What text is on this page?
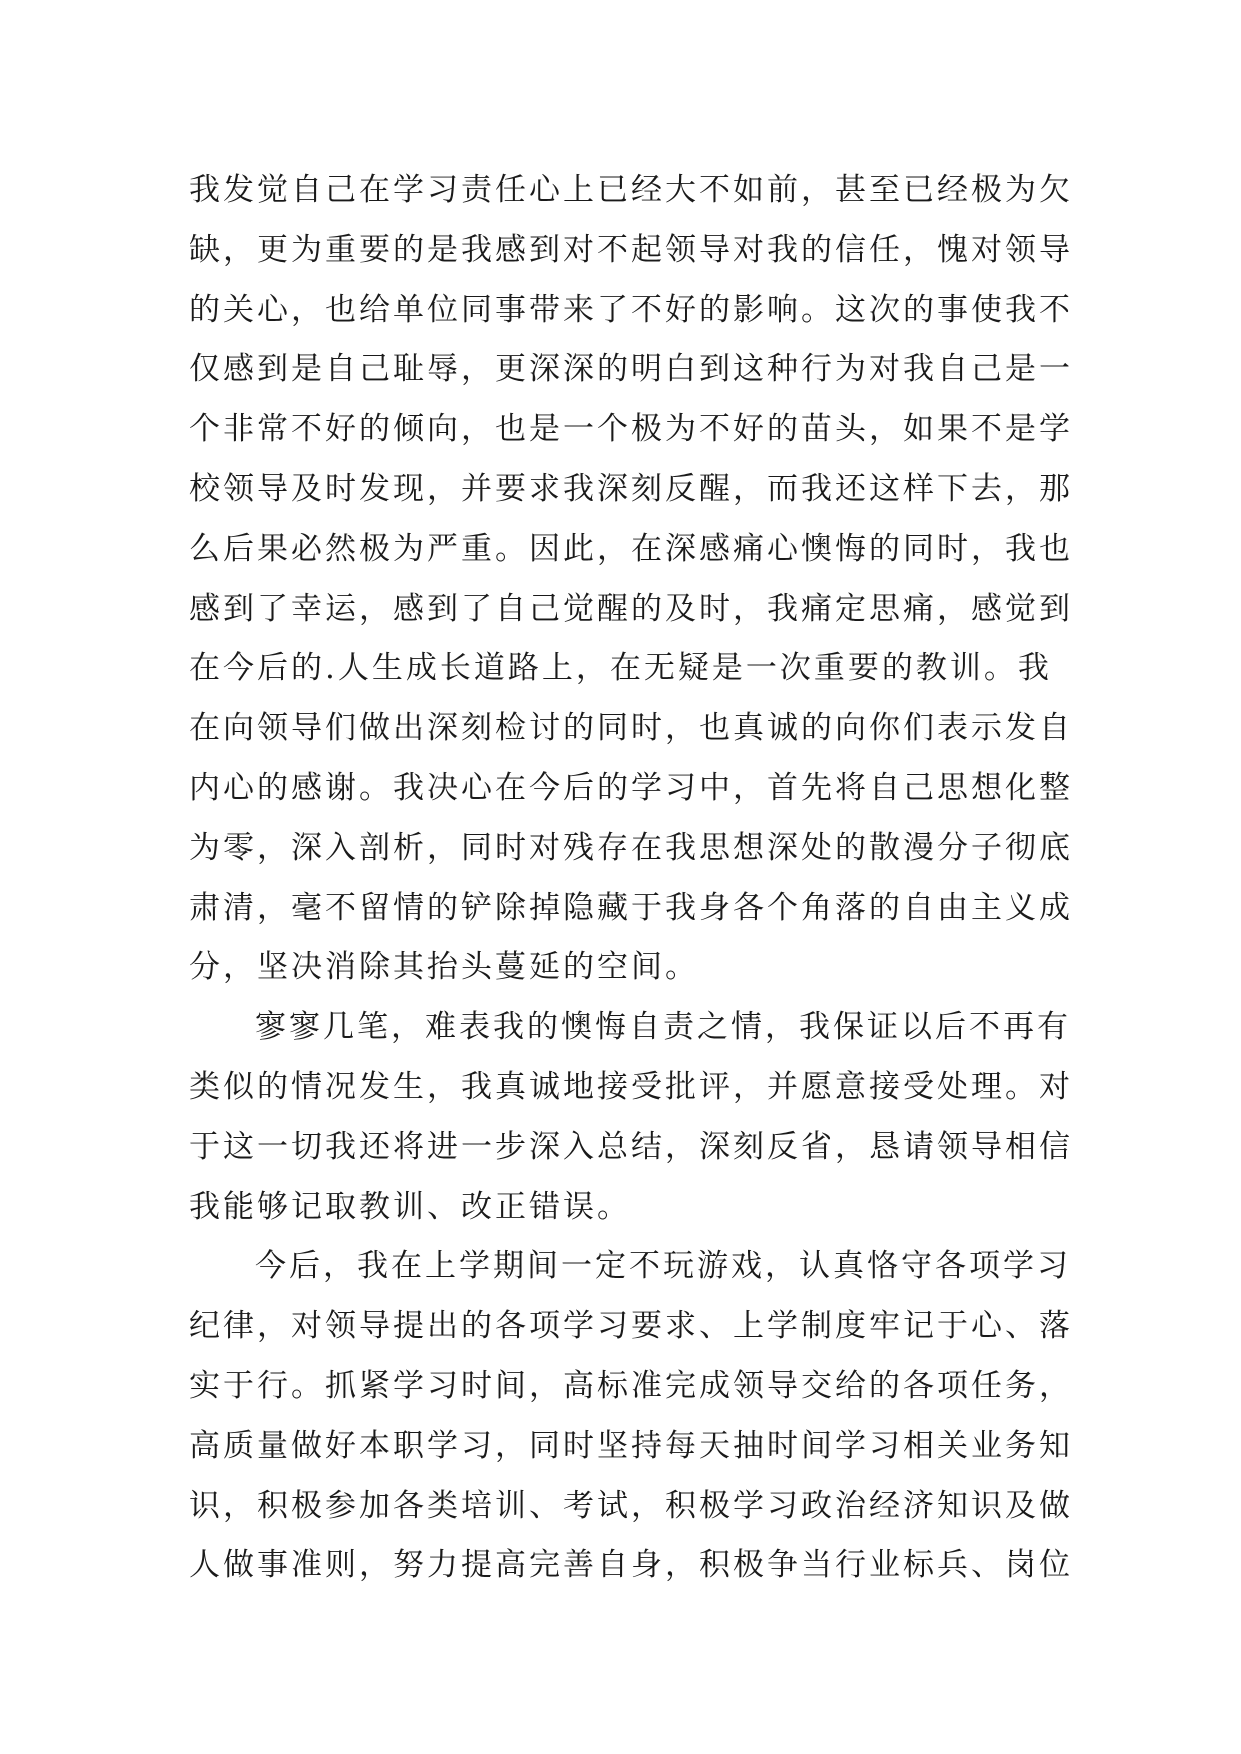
我发觉自己在学习责任心上已经大不如前，甚至已经极为欠
缺，更为重要的是我感到对不起领导对我的信任，愧对领导
的关心，也给单位同事带来了不好的影响。这次的事使我不
仅感到是自己耻辱，更深深的明白到这种行为对我自己是一
个非常不好的倾向，也是一个极为不好的苗头，如果不是学
校领导及时发现，并要求我深刻反醒，而我还这样下去，那
么后果必然极为严重。因此，在深感痛心懊悔的同时，我也
感到了幸运，感到了自己觉醒的及时，我痛定思痛，感觉到
在今后的.人生成长道路上，在无疑是一次重要的教训。我
在向领导们做出深刻检讨的同时，也真诚的向你们表示发自
内心的感谢。我决心在今后的学习中，首先将自己思想化整
为零，深入剖析，同时对残存在我思想深处的散漫分子彻底
肃清，毫不留情的铲除掉隐藏于我身各个角落的自由主义成
分，坚决消除其抬头蔓延的空间。
寥寥几笔，难表我的懊悔自责之情，我保证以后不再有
类似的情况发生，我真诚地接受批评，并愿意接受处理。对
于这一切我还将进一步深入总结，深刻反省，恳请领导相信
我能够记取教训、改正错误。
今后，我在上学期间一定不玩游戏，认真恪守各项学习
纪律，对领导提出的各项学习要求、上学制度牢记于心、落
实于行。抓紧学习时间，高标准完成领导交给的各项任务，
高质量做好本职学习，同时坚持每天抽时间学习相关业务知
识，积极参加各类培训、考试，积极学习政治经济知识及做
人做事准则，努力提高完善自身，积极争当行业标兵、岗位
